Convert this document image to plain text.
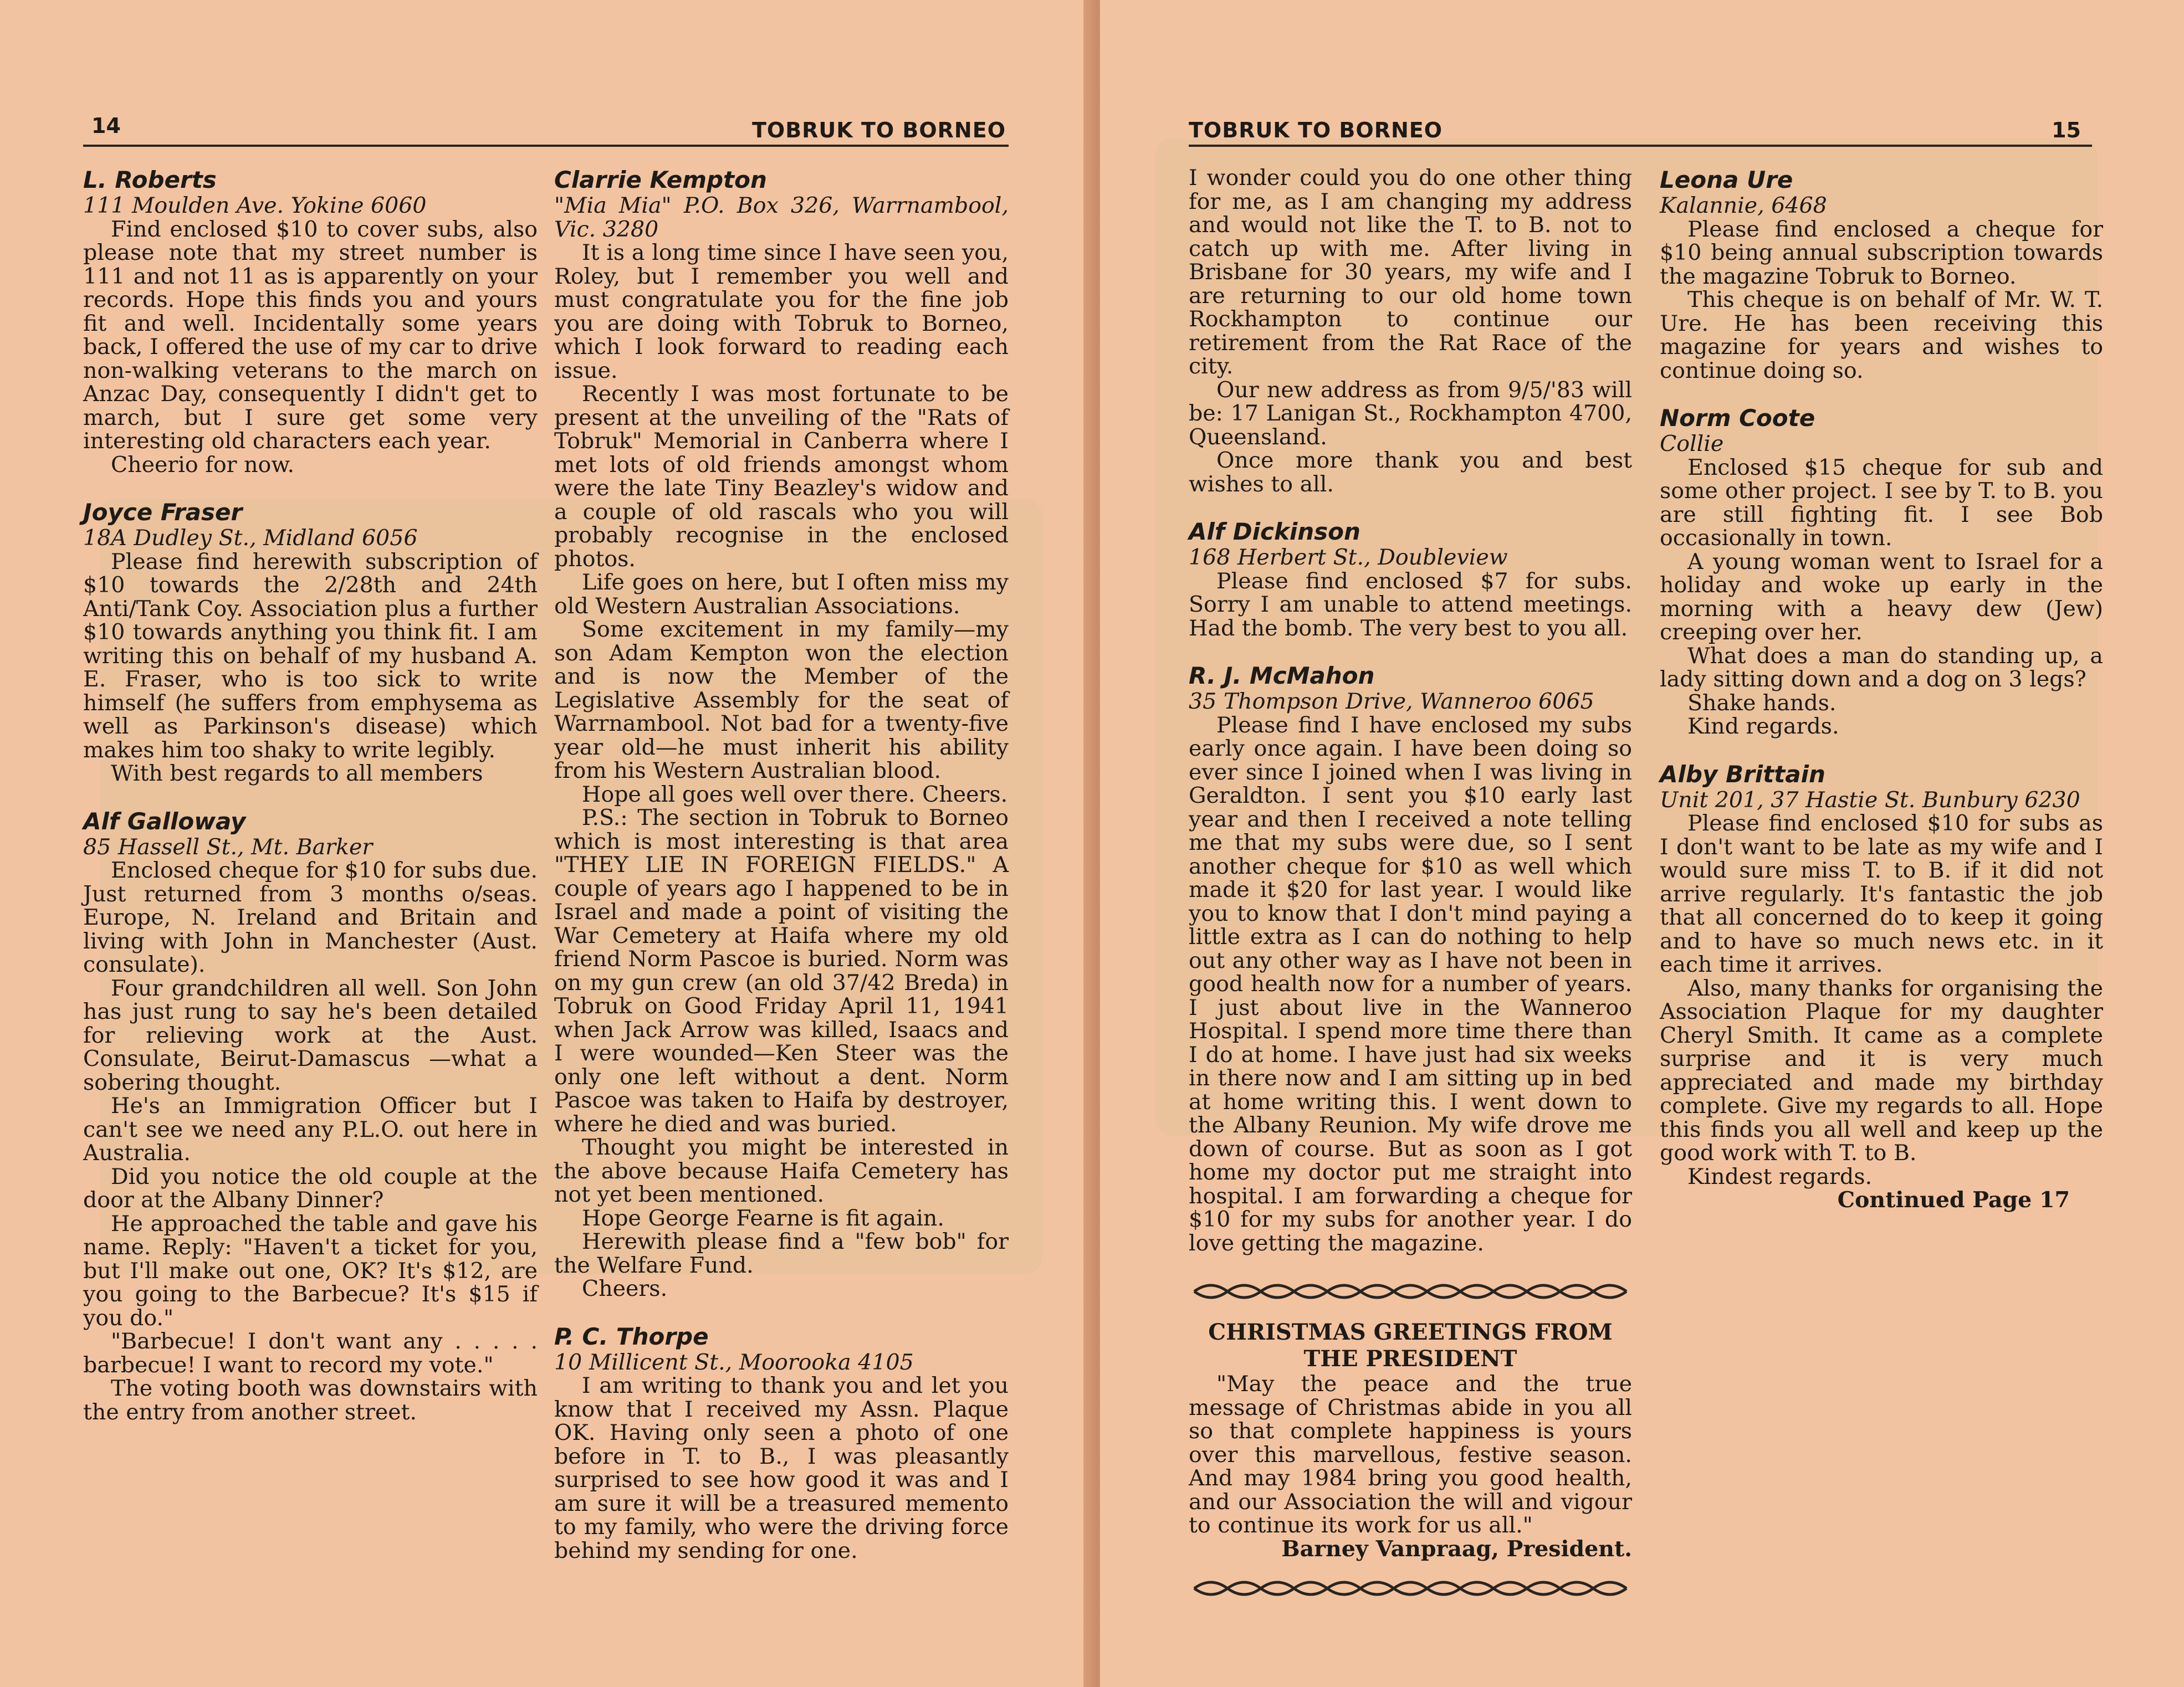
14	TOBRUK TO BORNEO

L. Roberts

111 Moulden Ave. Yokine 6060

Find enclosed $10 to cover subs, also please note that my street number is 111 and not 11 as is apparently on your records. Hope this finds you and yours fit and well. Incidentally some years back, I offered the use of my car to drive non-walking veterans to the march on Anzac Day, consequently I didn't get to march, but I sure get some very interesting old characters each year.

Cheerio for now.

Joyce Fraser

18A Dudley St., Midland 6056

Please find herewith subscription of $10 towards the 2/28th and 24th Anti/Tank Coy. Association plus a further $10 towards anything you think fit. I am writing this on behalf of my husband A. E. Fraser, who is too sick to write himself (he suffers from emphysema as well as Parkinson's disease) which makes him too shaky to write legibly.

With best regards to all members

Alf Galloway

85 Hassell St., Mt. Barker

Enclosed cheque for $10 for subs due. Just returned from 3 months o/seas. Europe, N. Ireland and Britain and living with John in Manchester (Aust. consulate).

Four grandchildren all well. Son John has just rung to say he's been detailed for relieving work at the Aust. Consulate, Beirut-Damascus —what a sobering thought.

He's an Immigration Officer but I can't see we need any P.L.O. out here in Australia.

Did you notice the old couple at the door at the Albany Dinner?

He approached the table and gave his name. Reply: "Haven't a ticket for you, but I'll make out one, OK? It's $12, are you going to the Barbecue? It's $15 if you do."

"Barbecue! I don't want any . . . . . barbecue! I want to record my vote."

The voting booth was downstairs with the entry from another street.

Clarrie Kempton

"Mia Mia" P.O. Box 326, Warrnambool, Vic. 3280

It is a long time since I have seen you, Roley, but I remember you well and must congratulate you for the fine job you are doing with Tobruk to Borneo, which I look forward to reading each issue.

Recently I was most fortunate to be present at the unveiling of the "Rats of Tobruk" Memorial in Canberra where I met lots of old friends amongst whom were the late Tiny Beazley's widow and a couple of old rascals who you will probably recognise in the enclosed photos.

Life goes on here, but I often miss my old Western Australian Associations.

Some excitement in my family—my son Adam Kempton won the election and is now the Member of the Legislative Assembly for the seat of Warrnambool. Not bad for a twenty-five year old—he must inherit his ability from his Western Australian blood.

Hope all goes well over there. Cheers.

P.S.: The section in Tobruk to Borneo which is most interesting is that area "THEY LIE IN FOREIGN FIELDS." A couple of years ago I happened to be in Israel and made a point of visiting the War Cemetery at Haifa where my old friend Norm Pascoe is buried. Norm was on my gun crew (an old 37/42 Breda) in Tobruk on Good Friday April 11, 1941 when Jack Arrow was killed, Isaacs and I were wounded—Ken Steer was the only one left without a dent. Norm Pascoe was taken to Haifa by destroyer, where he died and was buried.

Thought you might be interested in the above because Haifa Cemetery has not yet been mentioned.

Hope George Fearne is fit again.

Herewith please find a "few bob" for the Welfare Fund.

Cheers.

P. C. Thorpe

10 Millicent St., Moorooka 4105

I am writing to thank you and let you know that I received my Assn. Plaque OK. Having only seen a photo of one before in T. to B., I was pleasantly surprised to see how good it was and I am sure it will be a treasured memento to my family, who were the driving force behind my sending for one.

TOBRUK TO BORNEO	15

I wonder could you do one other thing for me, as I am changing my address and would not like the T. to B. not to catch up with me. After living in Brisbane for 30 years, my wife and I are returning to our old home town Rockhampton to continue our retirement from the Rat Race of the city.

Our new address as from 9/5/'83 will be: 17 Lanigan St., Rockhampton 4700, Queensland.

Once more thank you and best wishes to all.

Alf Dickinson

168 Herbert St., Doubleview

Please find enclosed $7 for subs. Sorry I am unable to attend meetings. Had the bomb. The very best to you all.

R. J. McMahon

35 Thompson Drive, Wanneroo 6065

Please find I have enclosed my subs early once again. I have been doing so ever since I joined when I was living in Geraldton. I sent you $10 early last year and then I received a note telling me that my subs were due, so I sent another cheque for $10 as well which made it $20 for last year. I would like you to know that I don't mind paying a little extra as I can do nothing to help out any other way as I have not been in good health now for a number of years. I just about live in the Wanneroo Hospital. I spend more time there than I do at home. I have just had six weeks in there now and I am sitting up in bed at home writing this. I went down to the Albany Reunion. My wife drove me down of course. But as soon as I got home my doctor put me straight into hospital. I am forwarding a cheque for $10 for my subs for another year. I do love getting the magazine.

CHRISTMAS GREETINGS FROM THE PRESIDENT

"May the peace and the true message of Christmas abide in you all so that complete happiness is yours over this marvellous, festive season. And may 1984 bring you good health, and our Association the will and vigour to continue its work for us all."

Barney Vanpraag, President.

Leona Ure

Kalannie, 6468

Please find enclosed a cheque for $10 being annual subscription towards the magazine Tobruk to Borneo.

This cheque is on behalf of Mr. W. T. Ure. He has been receiving this magazine for years and wishes to continue doing so.

Norm Coote

Collie

Enclosed $15 cheque for sub and some other project. I see by T. to B. you are still fighting fit. I see Bob occasionally in town.

A young woman went to Israel for a holiday and woke up early in the morning with a heavy dew (Jew) creeping over her.

What does a man do standing up, a lady sitting down and a dog on 3 legs?

Shake hands.

Kind regards.

Alby Brittain

Unit 201, 37 Hastie St. Bunbury 6230

Please find enclosed $10 for subs as I don't want to be late as my wife and I would sure miss T. to B. if it did not arrive regularly. It's fantastic the job that all concerned do to keep it going and to have so much news etc. in it each time it arrives.

Also, many thanks for organising the Association Plaque for my daughter Cheryl Smith. It came as a complete surprise and it is very much appreciated and made my birthday complete. Give my regards to all. Hope this finds you all well and keep up the good work with T. to B.

Kindest regards.

Continued Page 17
